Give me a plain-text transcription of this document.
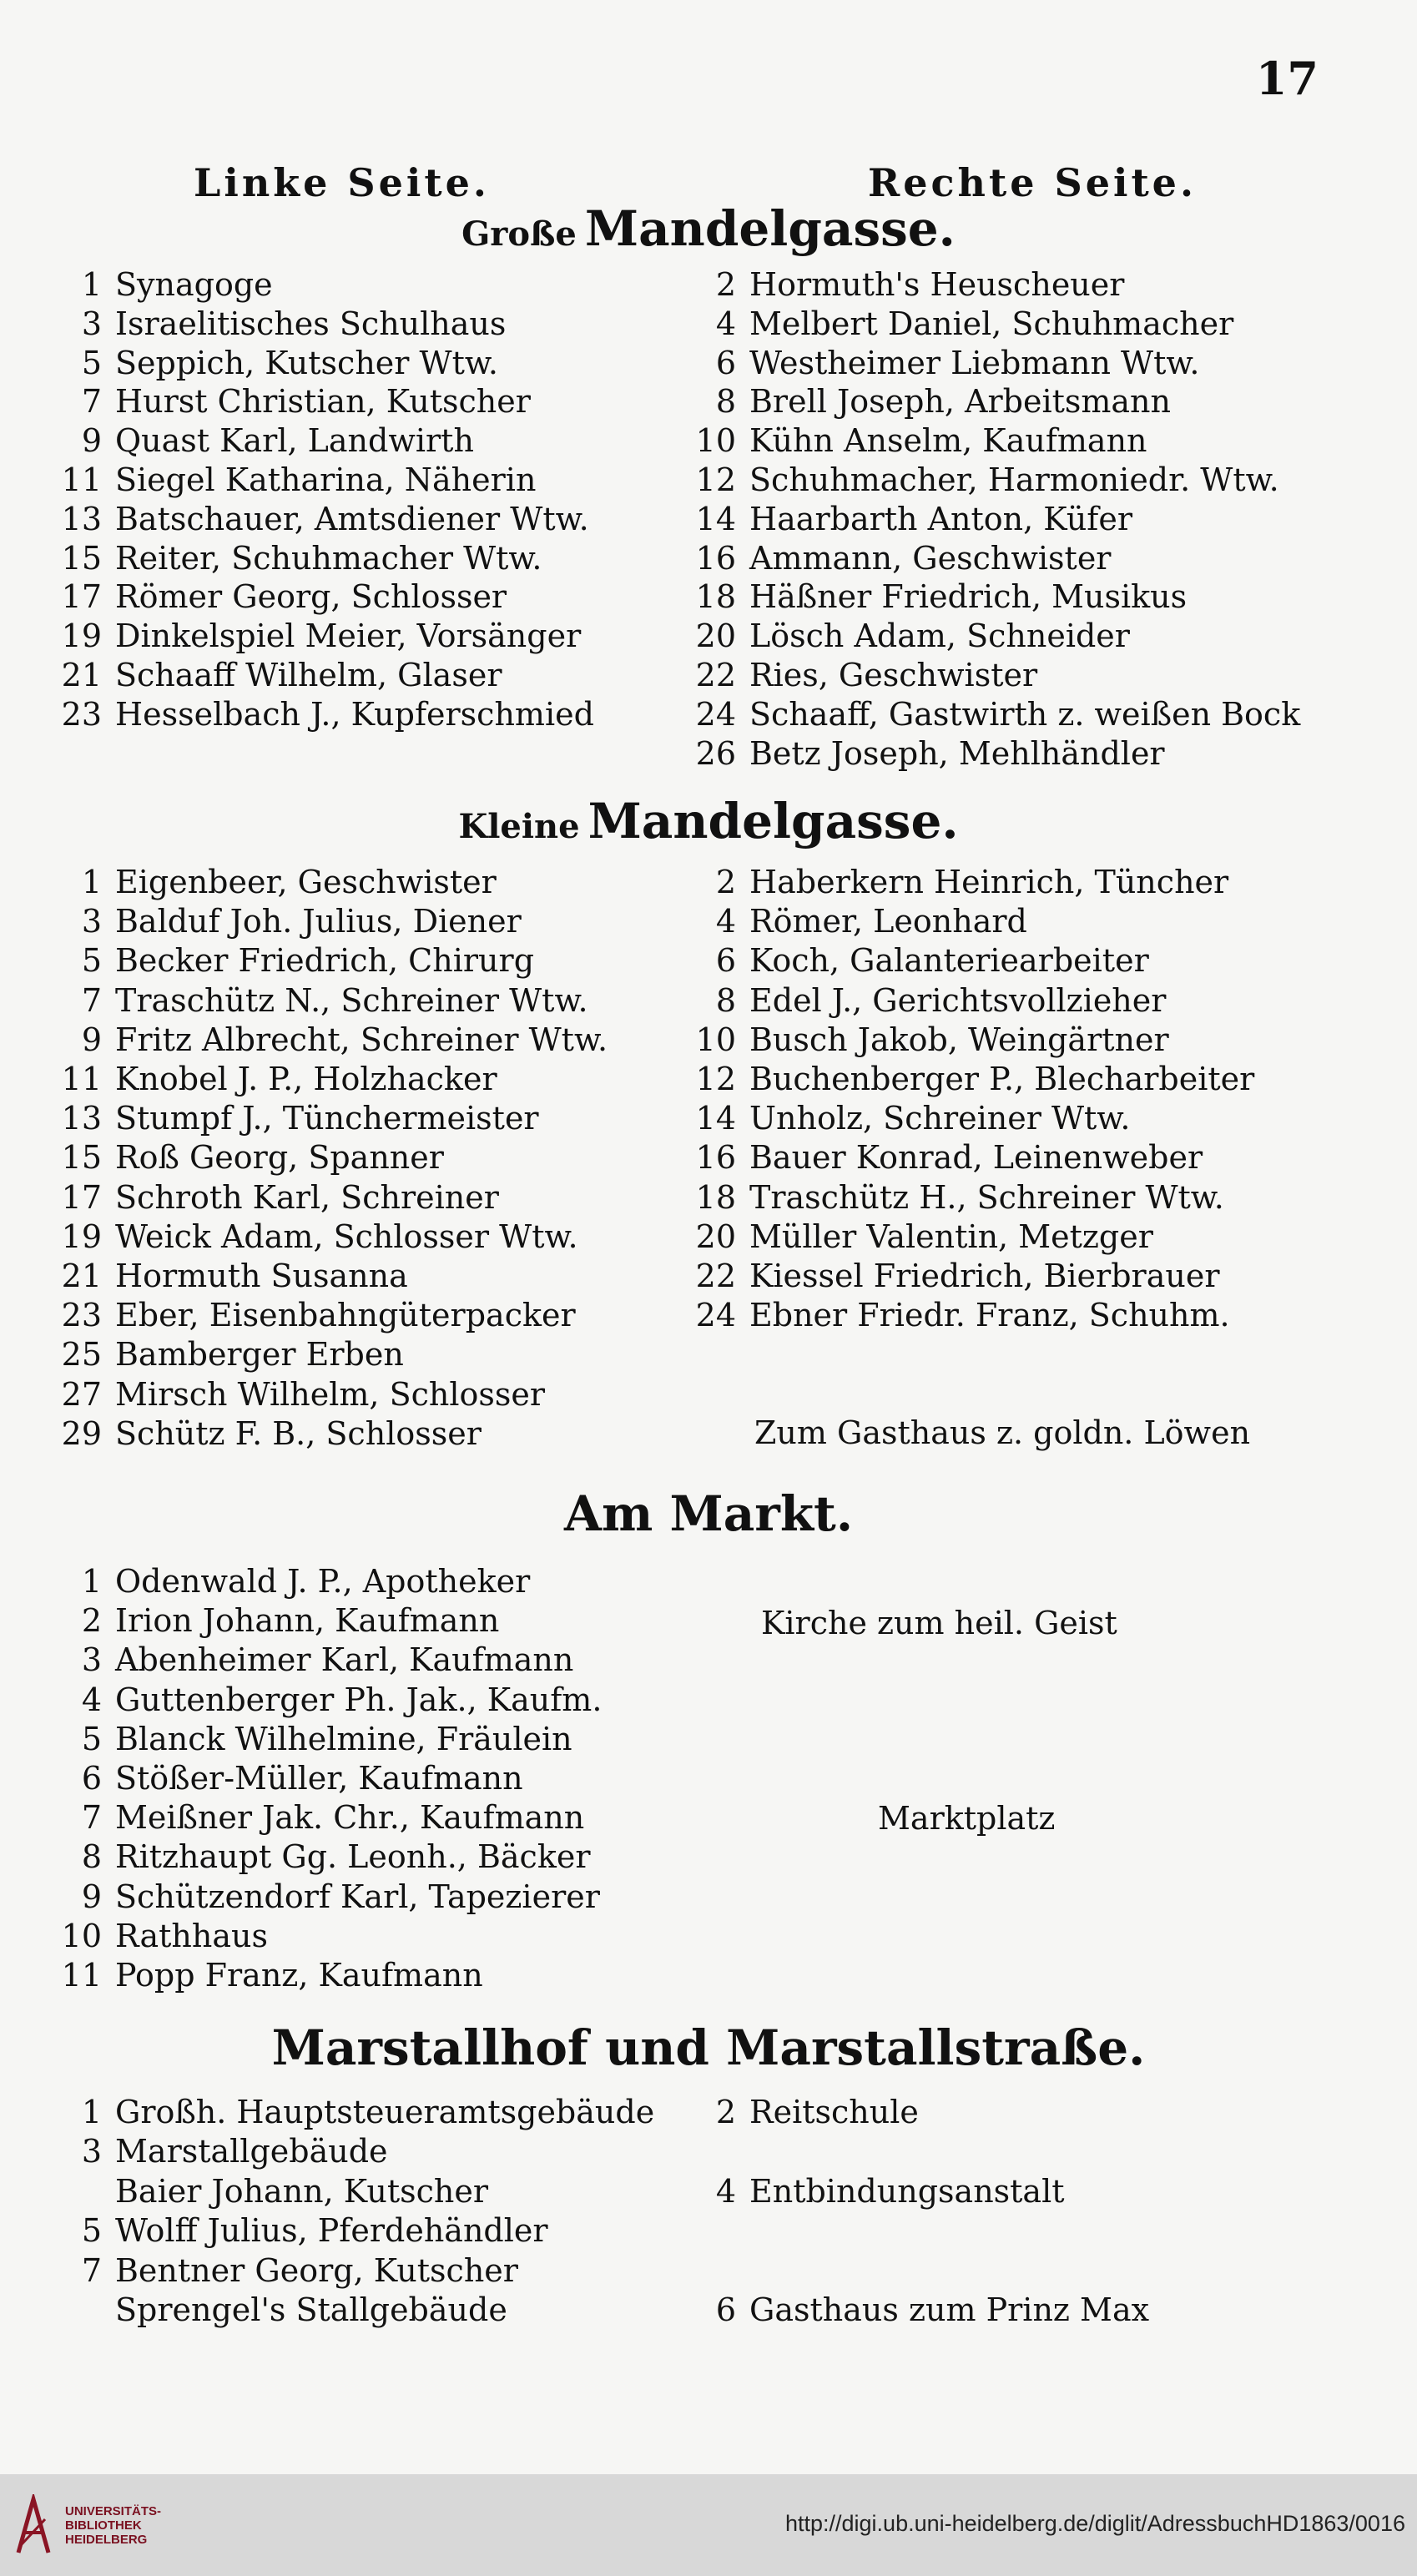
17
Linke Seite.	Rechte Seite.
Große Mandelgasse.
Kleine Mandelgasse.
Am Markt.
Marstallhof und Marstallstraße.
1 Synagoge
3 Israelitisches Schulhaus
5 Seppich, Kutscher Wtw.
7 Hurst Christian, Kutscher
9 Quast Karl, Landwirth
11 Siegel Katharina, Näherin
13 Batschauer, Amtsdiener Wtw.
15 Reiter, Schuhmacher Wtw.
17 Römer Georg, Schlosser
19 Dinkelspiel Meier, Vorsänger
21 Schaaff Wilhelm, Glaser
23 Hesselbach J., Kupferschmied
2 Hormuth's Heuscheuer
4 Melbert Daniel, Schuhmacher
6 Westheimer Liebmann Wtw.
8 Brell Joseph, Arbeitsmann
10 Kühn Anselm, Kaufmann
12 Schuhmacher, Harmoniedr. Wtw.
14 Haarbarth Anton, Küfer
16 Ammann, Geschwister
18 Häßner Friedrich, Musikus
20 Lösch Adam, Schneider
22 Ries, Geschwister
24 Schaaff, Gastwirth z. weißen Bock
26 Betz Joseph, Mehlhändler
1 Eigenbeer, Geschwister
3 Balduf Joh. Julius, Diener
5 Becker Friedrich, Chirurg
7 Traschütz N., Schreiner Wtw.
9 Fritz Albrecht, Schreiner Wtw.
11 Knobel J. P., Holzhacker
13 Stumpf J., Tünchermeister
15 Roß Georg, Spanner
17 Schroth Karl, Schreiner
19 Weick Adam, Schlosser Wtw.
21 Hormuth Susanna
23 Eber, Eisenbahngüterpacker
25 Bamberger Erben
27 Mirsch Wilhelm, Schlosser
29 Schütz F. B., Schlosser
2 Haberkern Heinrich, Tüncher
4 Römer, Leonhard
6 Koch, Galanteriearbeiter
8 Edel J., Gerichtsvollzieher
10 Busch Jakob, Weingärtner
12 Buchenberger P., Blecharbeiter
14 Unholz, Schreiner Wtw.
16 Bauer Konrad, Leinenweber
18 Traschütz H., Schreiner Wtw.
20 Müller Valentin, Metzger
22 Kiessel Friedrich, Bierbrauer
24 Ebner Friedr. Franz, Schuhm.
1 Odenwald J. P., Apotheker
2 Irion Johann, Kaufmann
3 Abenheimer Karl, Kaufmann
4 Guttenberger Ph. Jak., Kaufm.
5 Blanck Wilhelmine, Fräulein
6 Stößer-Müller, Kaufmann
7 Meißner Jak. Chr., Kaufmann
8 Ritzhaupt Gg. Leonh., Bäcker
9 Schützendorf Karl, Tapezierer
10 Rathhaus
11 Popp Franz, Kaufmann
1 Großh. Hauptsteueramtsgebäude
3 Marstallgebäude
Baier Johann, Kutscher
5 Wolff Julius, Pferdehändler
7 Bentner Georg, Kutscher
Sprengel's Stallgebäude
2 Reitschule
4 Entbindungsanstalt
6 Gasthaus zum Prinz Max
Zum Gasthaus z. goldn. Löwen
Kirche zum heil. Geist
Marktplatz
UNIVERSITÄTS-
BIBLIOTHEK
HEIDELBERG
http://digi.ub.uni-heidelberg.de/diglit/AdressbuchHD1863/0016
